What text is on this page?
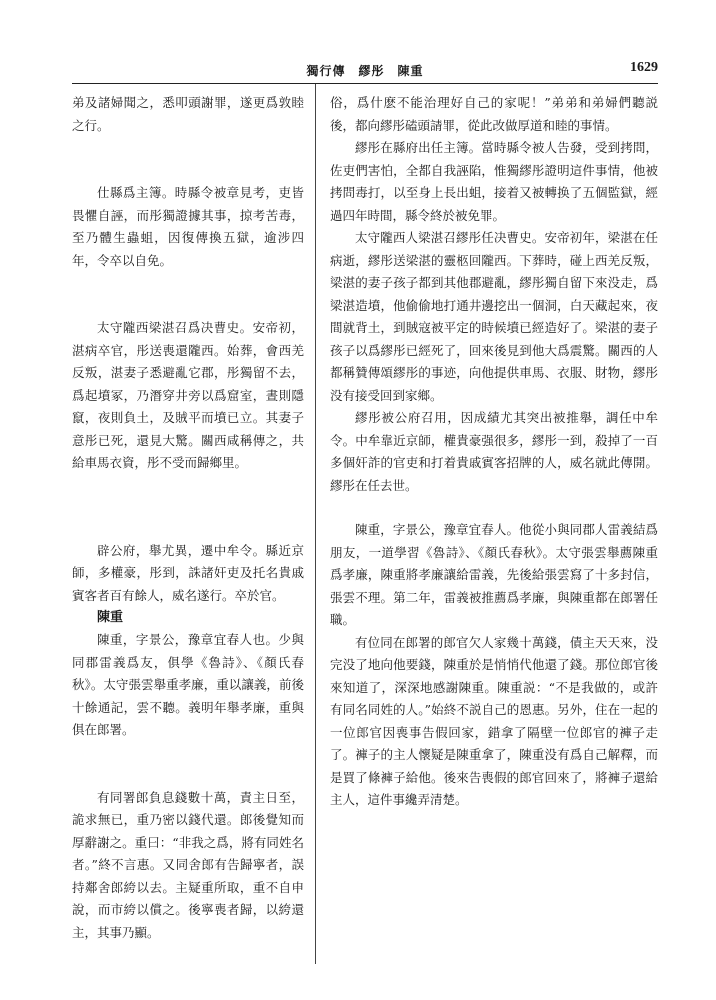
獨行傳　繆彤　陳重	1629

弟及諸婦聞之，悉叩頭謝罪，遂更爲敦睦之行。

仕縣爲主簿。時縣令被章見考，吏皆畏懼自誣，而彤獨證據其事，掠考苦毒，至乃體生蟲蛆，因復傳換五獄，逾涉四年，令卒以自免。

太守隴西梁湛召爲决曹史。安帝初，湛病卒官，彤送喪還隴西。始葬，會西羌反叛，湛妻子悉避亂它郡，彤獨留不去，爲起墳冢，乃潛穿井旁以爲窟室，晝則隱竄，夜則負土，及賊平而墳已立。其妻子意彤已死，還見大驚。關西咸稱傳之，共給車馬衣資，彤不受而歸鄉里。

辟公府，舉尤異，遷中牟令。縣近京師，多權豪，彤到，誅諸奸吏及托名貴戚賓客者百有餘人，威名遂行。卒於官。

陳重

陳重，字景公，豫章宜春人也。少與同郡雷義爲友，俱學《魯詩》、《顏氏春秋》。太守張雲舉重孝廉，重以讓義，前後十餘通記，雲不聽。義明年舉孝廉，重與俱在郎署。

有同署郎負息錢數十萬，責主日至，詭求無已，重乃密以錢代還。郎後覺知而厚辭謝之。重曰：“非我之爲，將有同姓名者。”終不言惠。又同舍郎有告歸寧者，誤持鄰舍郎絝以去。主疑重所取，重不自申說，而市絝以償之。後寧喪者歸，以絝還主，其事乃顯。

俗，爲什麽不能治理好自己的家呢！”弟弟和弟婦們聽説後，都向繆彤磕頭請罪，從此改做厚道和睦的事情。

繆彤在縣府出任主簿。當時縣令被人告發，受到拷問，佐吏們害怕，全都自我誣陷，惟獨繆彤證明這件事情，他被拷問毒打，以至身上長出蛆，接着又被轉换了五個監獄，經過四年時間，縣令終於被免罪。

太守隴西人梁湛召繆彤任决曹史。安帝初年，梁湛在任病逝，繆彤送梁湛的靈柩回隴西。下葬時，碰上西羌反叛，梁湛的妻子孩子都到其他郡避亂，繆彤獨自留下來没走，爲梁湛造墳，他偷偷地打通井邊挖出一個洞，白天藏起來，夜間就背土，到賊寇被平定的時候墳已經造好了。梁湛的妻子孩子以爲繆彤已經死了，回來後見到他大爲震驚。關西的人都稱贊傳頌繆彤的事迹，向他提供車馬、衣服、財物，繆彤没有接受回到家鄉。

繆彤被公府召用，因成績尤其突出被推舉，調任中牟令。中牟靠近京師，權貴豪强很多，繆彤一到，殺掉了一百多個奸詐的官吏和打着貴戚賓客招牌的人，威名就此傳開。繆彤在任去世。

陳重，字景公，豫章宜春人。他從小與同郡人雷義結爲朋友，一道學習《魯詩》、《顏氏春秋》。太守張雲舉薦陳重爲孝廉，陳重將孝廉讓給雷義，先後給張雲寫了十多封信，張雲不理。第二年，雷義被推薦爲孝廉，與陳重都在郎署任職。

有位同在郎署的郎官欠人家幾十萬錢，債主天天來，没完没了地向他要錢，陳重於是悄悄代他還了錢。那位郎官後來知道了，深深地感謝陳重。陳重説：“不是我做的，或許有同名同姓的人。”始終不説自己的恩惠。另外，住在一起的一位郎官因喪事告假回家，錯拿了隔壁一位郎官的褲子走了。褲子的主人懷疑是陳重拿了，陳重没有爲自己解釋，而是買了條褲子給他。後來告喪假的郎官回來了，將褲子還給主人，這件事纔弄清楚。
